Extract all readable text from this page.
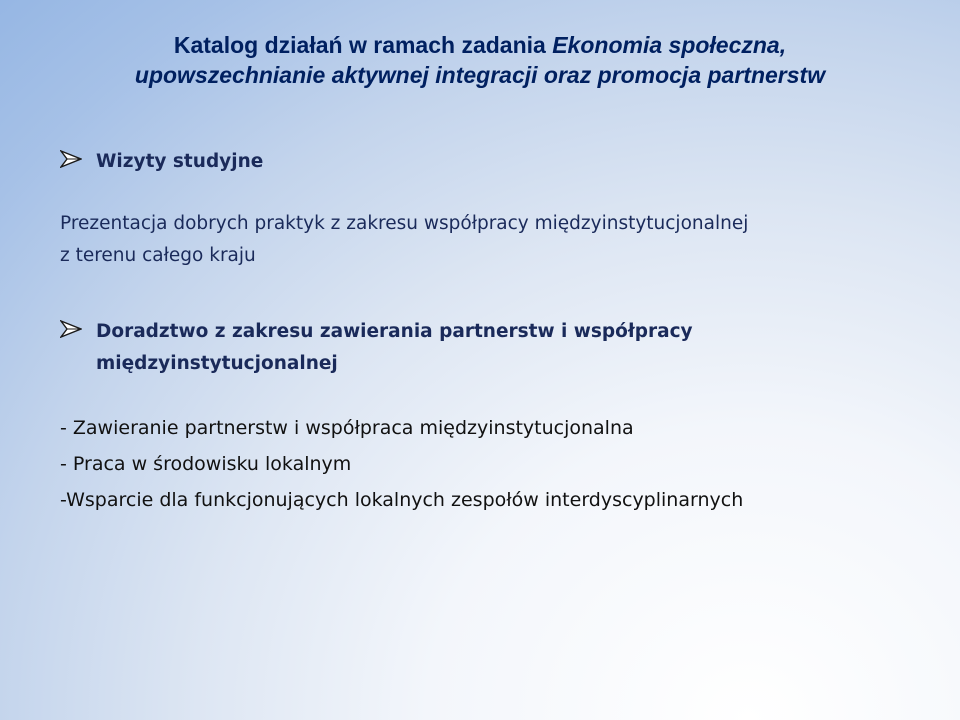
Katalog działań w ramach zadania Ekonomia społeczna,
upowszechnianie aktywnej integracji oraz promocja partnerstw
Wizyty studyjne
Prezentacja dobrych praktyk z zakresu współpracy międzyinstytucjonalnej
z terenu całego kraju
Doradztwo z zakresu zawierania partnerstw i współpracy
międzyinstytucjonalnej
- Zawieranie partnerstw i współpraca międzyinstytucjonalna
- Praca w środowisku lokalnym
-Wsparcie dla funkcjonujących lokalnych zespołów interdyscyplinarnych
